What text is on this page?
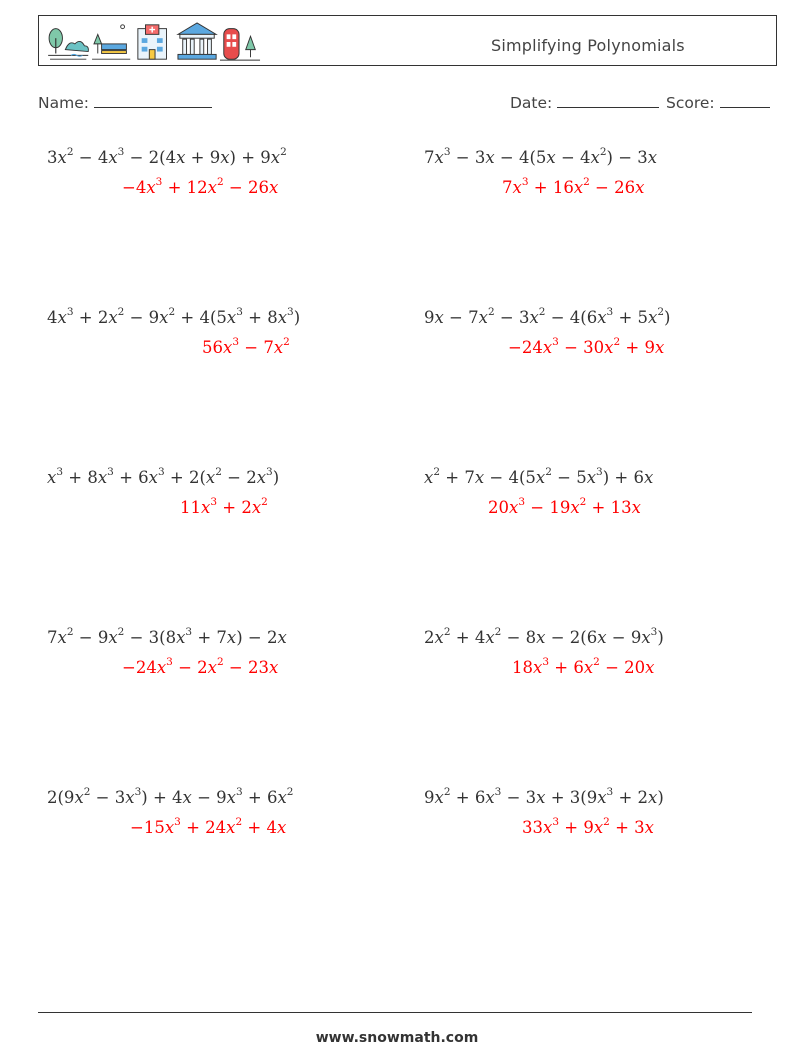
Simplifying Polynomials
Name:	Date:	Score:
$3x^2 - 4x^3 - 2(4x + 9x) + 9x^2$
$-4x^3 + 12x^2 - 26x$
$7x^3 - 3x - 4(5x - 4x^2) - 3x$
$7x^3 + 16x^2 - 26x$
$4x^3 + 2x^2 - 9x^2 + 4(5x^3 + 8x^3)$
$56x^3 - 7x^2$
$9x - 7x^2 - 3x^2 - 4(6x^3 + 5x^2)$
$-24x^3 - 30x^2 + 9x$
$x^3 + 8x^3 + 6x^3 + 2(x^2 - 2x^3)$
$11x^3 + 2x^2$
$x^2 + 7x - 4(5x^2 - 5x^3) + 6x$
$20x^3 - 19x^2 + 13x$
$7x^2 - 9x^2 - 3(8x^3 + 7x) - 2x$
$-24x^3 - 2x^2 - 23x$
$2x^2 + 4x^2 - 8x - 2(6x - 9x^3)$
$18x^3 + 6x^2 - 20x$
$2(9x^2 - 3x^3) + 4x - 9x^3 + 6x^2$
$-15x^3 + 24x^2 + 4x$
$9x^2 + 6x^3 - 3x + 3(9x^3 + 2x)$
$33x^3 + 9x^2 + 3x$
www.snowmath.com
